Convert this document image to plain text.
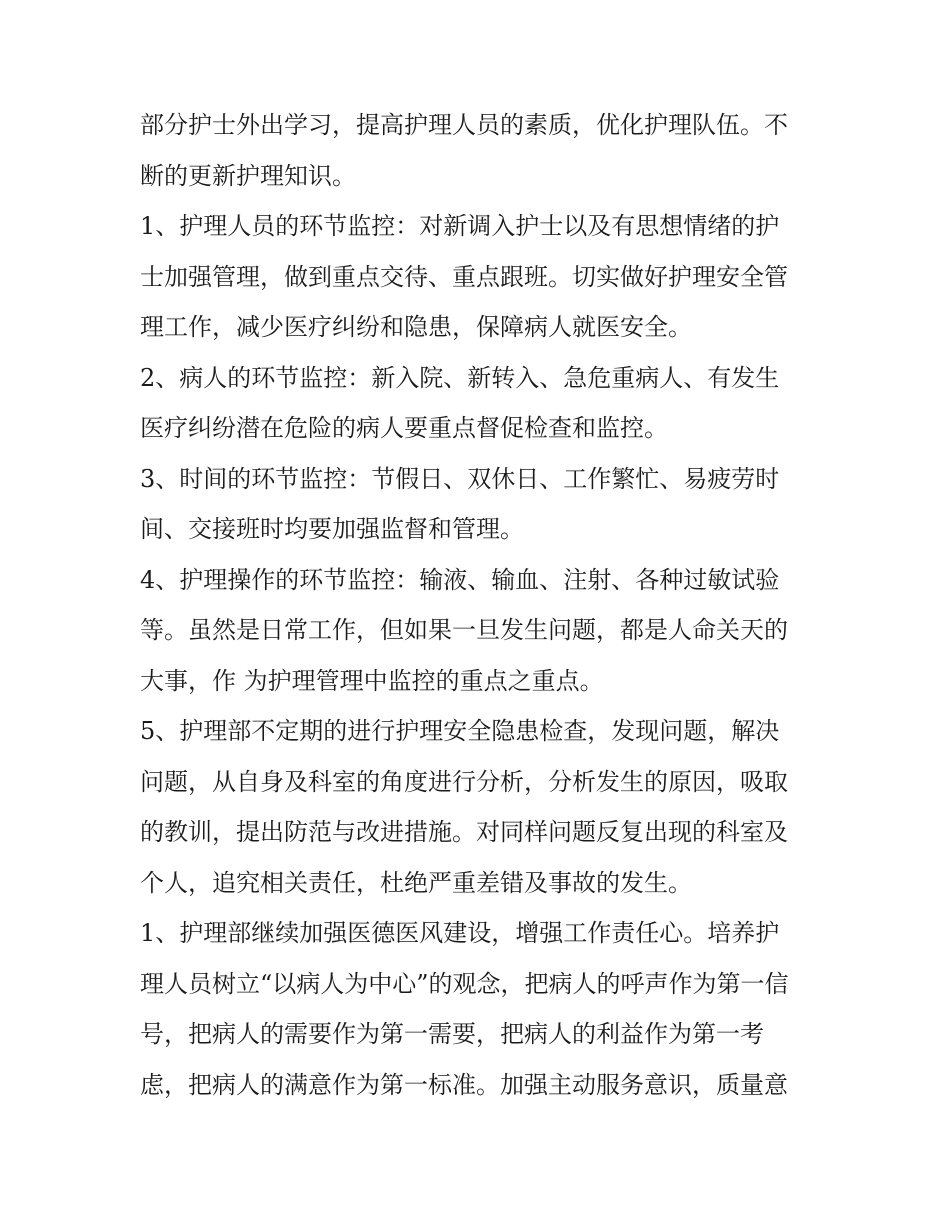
部分护士外出学习，提高护理人员的素质，优化护理队伍。不
断的更新护理知识。
1、护理人员的环节监控：对新调入护士以及有思想情绪的护
士加强管理，做到重点交待、重点跟班。切实做好护理安全管
理工作，减少医疗纠纷和隐患，保障病人就医安全。
2、病人的环节监控：新入院、新转入、急危重病人、有发生
医疗纠纷潜在危险的病人要重点督促检查和监控。
3、时间的环节监控：节假日、双休日、工作繁忙、易疲劳时
间、交接班时均要加强监督和管理。
4、护理操作的环节监控：输液、输血、注射、各种过敏试验
等。虽然是日常工作，但如果一旦发生问题，都是人命关天的
大事，作 为护理管理中监控的重点之重点。
5、护理部不定期的进行护理安全隐患检查，发现问题，解决
问题，从自身及科室的角度进行分析，分析发生的原因，吸取
的教训，提出防范与改进措施。对同样问题反复出现的科室及
个人，追究相关责任，杜绝严重差错及事故的发生。
1、护理部继续加强医德医风建设，增强工作责任心。培养护
理人员树立“以病人为中心”的观念，把病人的呼声作为第一信
号，把病人的需要作为第一需要，把病人的利益作为第一考
虑，把病人的满意作为第一标准。加强主动服务意识，质量意
